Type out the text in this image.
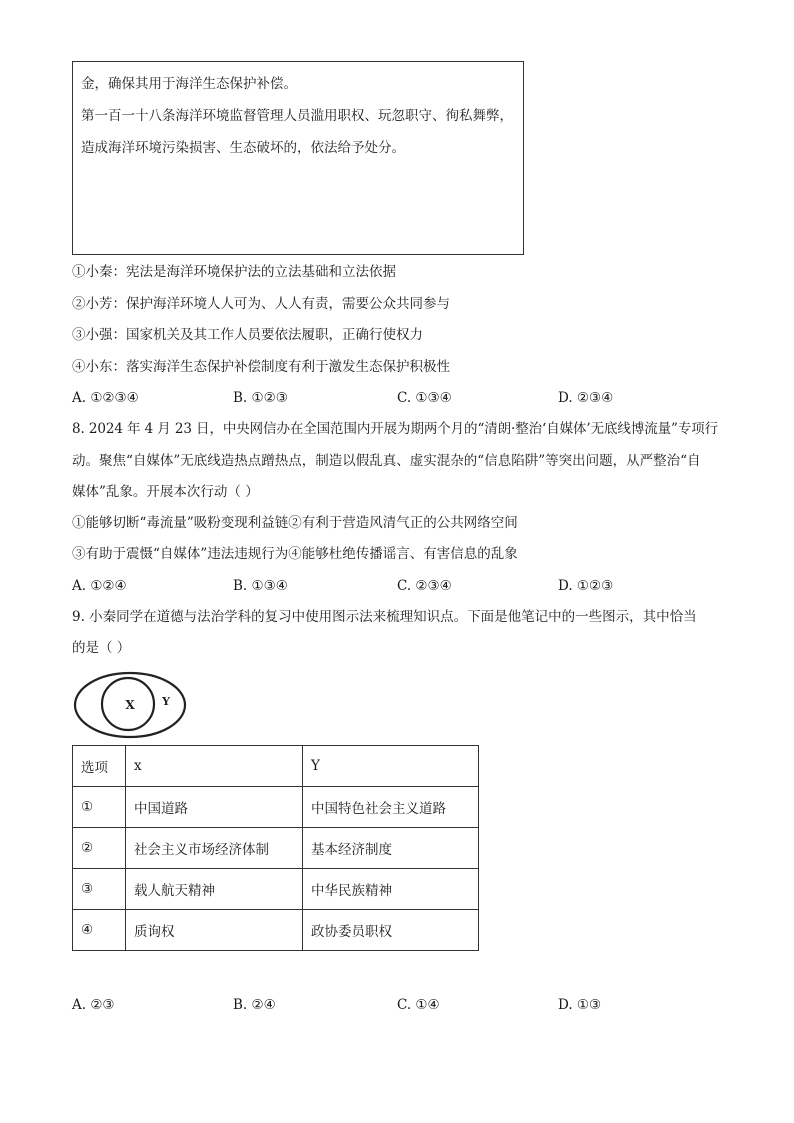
金，确保其用于海洋生态保护补偿。
第一百一十八条海洋环境监督管理人员滥用职权、玩忽职守、徇私舞弊，
造成海洋环境污染损害、生态破坏的，依法给予处分。
①小秦：宪法是海洋环境保护法的立法基础和立法依据
②小芳：保护海洋环境人人可为、人人有责，需要公众共同参与
③小强：国家机关及其工作人员要依法履职，正确行使权力
④小东：落实海洋生态保护补偿制度有利于激发生态保护积极性
A. ①②③④	B. ①②③	C. ①③④	D. ②③④
8. 2024 年 4 月 23 日，中央网信办在全国范围内开展为期两个月的“清朗·整治‘自媒体’无底线博流量”专项行
动。聚焦“自媒体”无底线造热点蹭热点，制造以假乱真、虚实混杂的“信息陷阱”等突出问题，从严整治“自
媒体”乱象。开展本次行动（ ）
①能够切断“毒流量”吸粉变现利益链②有利于营造风清气正的公共网络空间
③有助于震慑“自媒体”违法违规行为④能够杜绝传播谣言、有害信息的乱象
A. ①②④	B. ①③④	C. ②③④	D. ①②③
9. 小秦同学在道德与法治学科的复习中使用图示法来梳理知识点。下面是他笔记中的一些图示，其中恰当
的是（ ）
X Y
选项	x	Y
①	中国道路	中国特色社会主义道路
②	社会主义市场经济体制	基本经济制度
③	载人航天精神	中华民族精神
④	质询权	政协委员职权
A. ②③	B. ②④	C. ①④	D. ①③
